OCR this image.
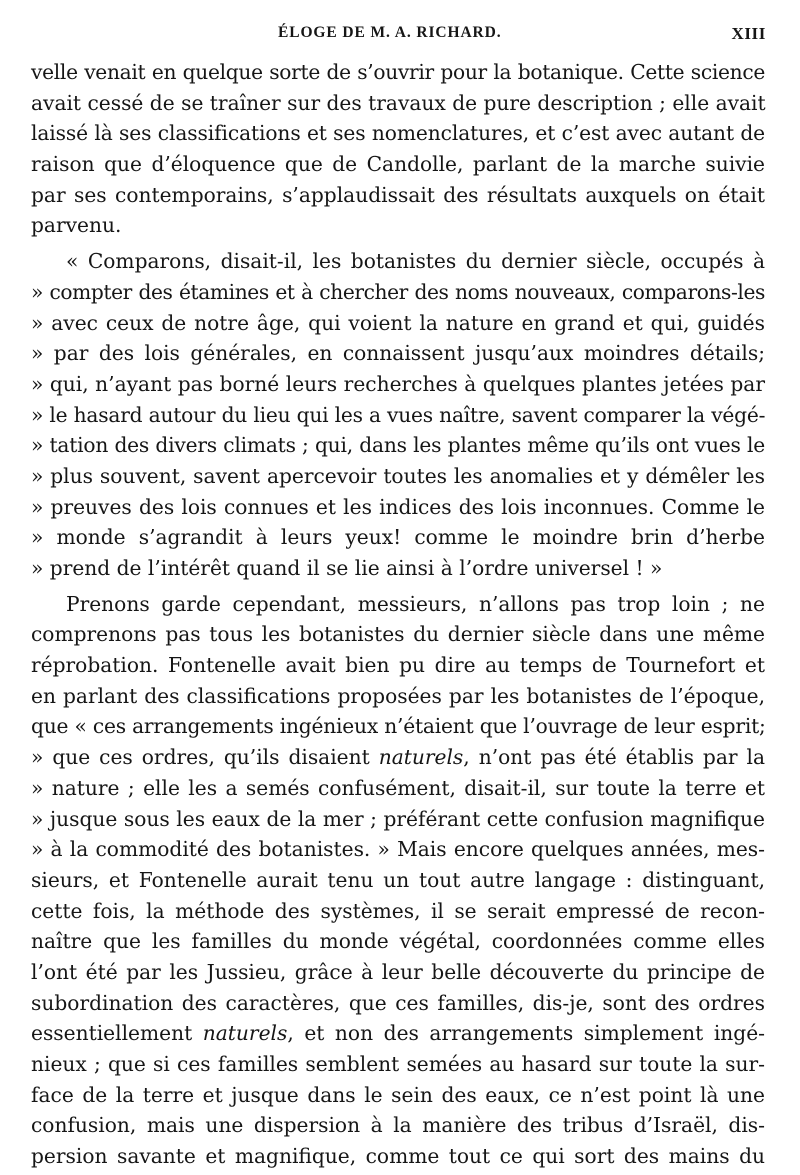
ÉLOGE DE M. A. RICHARD.	XIII
velle venait en quelque sorte de s’ouvrir pour la botanique. Cette science
avait cessé de se traîner sur des travaux de pure description ; elle avait
laissé là ses classifications et ses nomenclatures, et c’est avec autant de
raison que d’éloquence que de Candolle, parlant de la marche suivie
par ses contemporains, s’applaudissait des résultats auxquels on était
parvenu.
« Comparons, disait-il, les botanistes du dernier siècle, occupés à
» compter des étamines et à chercher des noms nouveaux, comparons-les
» avec ceux de notre âge, qui voient la nature en grand et qui, guidés
» par des lois générales, en connaissent jusqu’aux moindres détails;
» qui, n’ayant pas borné leurs recherches à quelques plantes jetées par
» le hasard autour du lieu qui les a vues naître, savent comparer la végé-
» tation des divers climats ; qui, dans les plantes même qu’ils ont vues le
» plus souvent, savent apercevoir toutes les anomalies et y démêler les
» preuves des lois connues et les indices des lois inconnues. Comme le
» monde s’agrandit à leurs yeux! comme le moindre brin d’herbe
» prend de l’intérêt quand il se lie ainsi à l’ordre universel ! »
Prenons garde cependant, messieurs, n’allons pas trop loin ; ne
comprenons pas tous les botanistes du dernier siècle dans une même
réprobation. Fontenelle avait bien pu dire au temps de Tournefort et
en parlant des classifications proposées par les botanistes de l’époque,
que « ces arrangements ingénieux n’étaient que l’ouvrage de leur esprit;
» que ces ordres, qu’ils disaient naturels, n’ont pas été établis par la
» nature ; elle les a semés confusément, disait-il, sur toute la terre et
» jusque sous les eaux de la mer ; préférant cette confusion magnifique
» à la commodité des botanistes. » Mais encore quelques années, mes-
sieurs, et Fontenelle aurait tenu un tout autre langage : distinguant,
cette fois, la méthode des systèmes, il se serait empressé de recon-
naître que les familles du monde végétal, coordonnées comme elles
l’ont été par les Jussieu, grâce à leur belle découverte du principe de
subordination des caractères, que ces familles, dis-je, sont des ordres
essentiellement naturels, et non des arrangements simplement ingé-
nieux ; que si ces familles semblent semées au hasard sur toute la sur-
face de la terre et jusque dans le sein des eaux, ce n’est point là une
confusion, mais une dispersion à la manière des tribus d’Israël, dis-
persion savante et magnifique, comme tout ce qui sort des mains du
